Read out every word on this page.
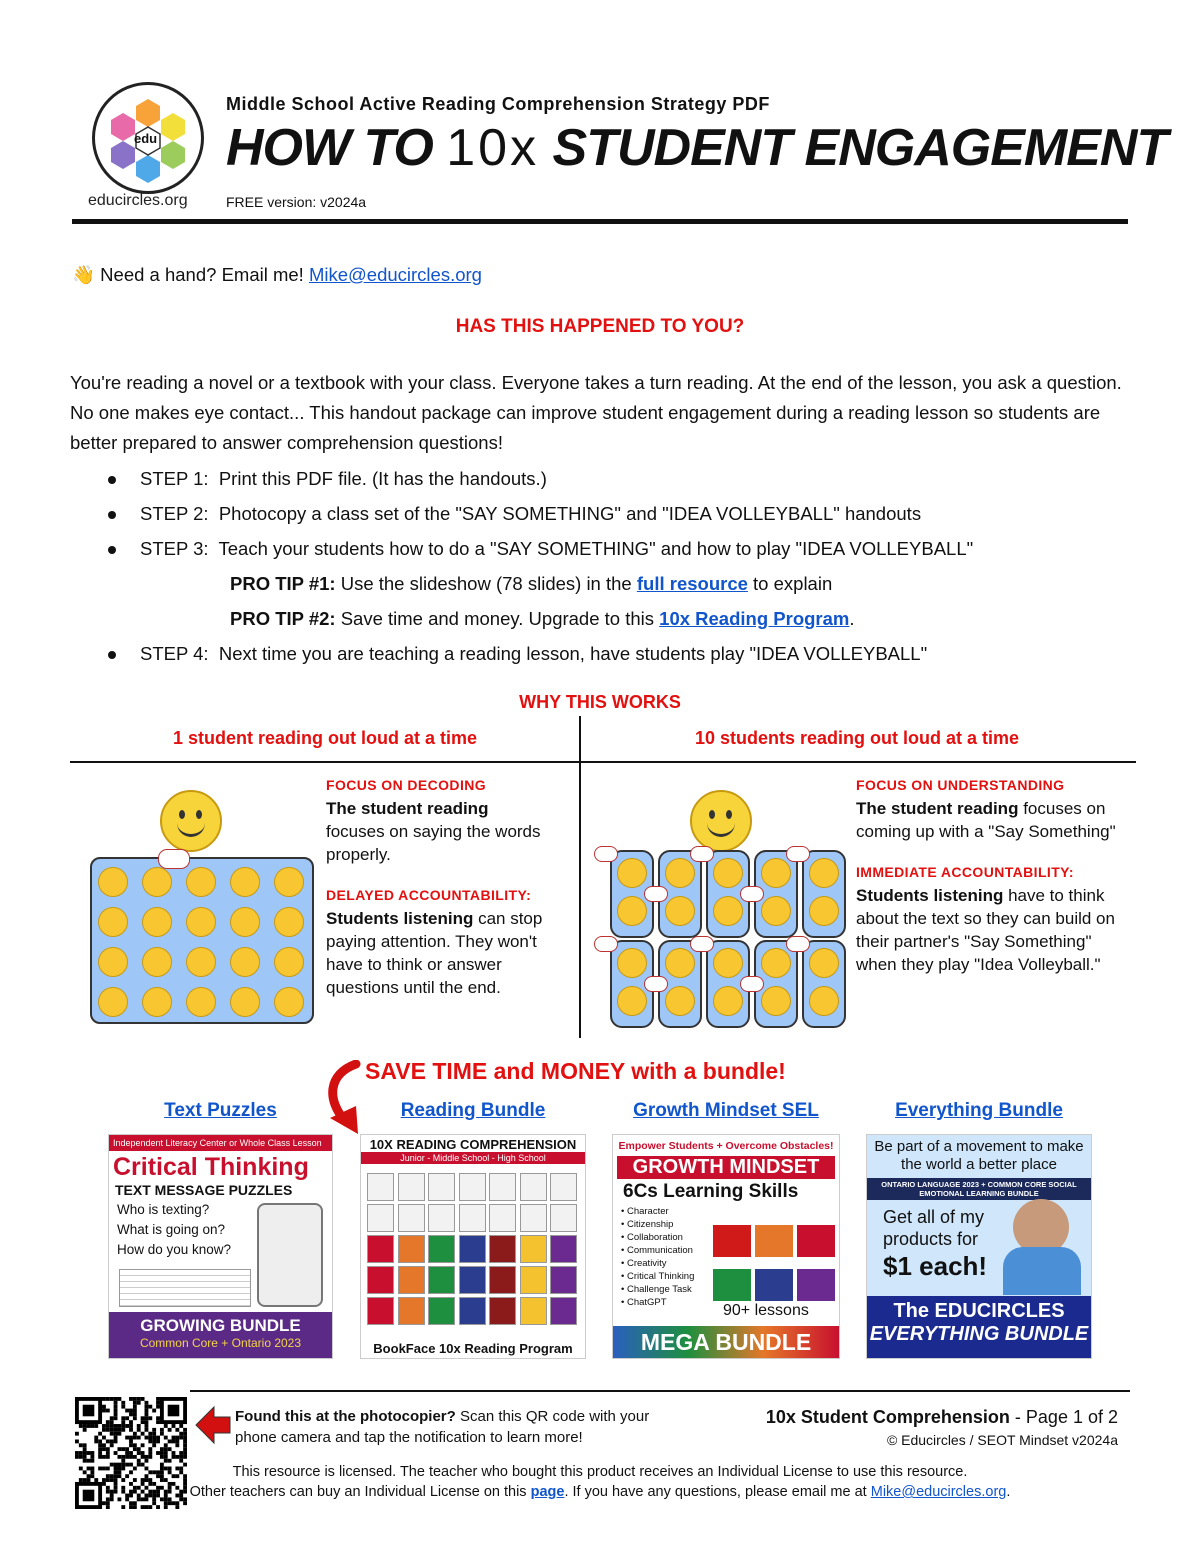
edu
educircles.org
Middle School Active Reading Comprehension Strategy PDF
HOW TO 10x STUDENT ENGAGEMENT
FREE version: v2024a
👋 Need a hand? Email me! Mike@educircles.org
HAS THIS HAPPENED TO YOU?
You're reading a novel or a textbook with your class. Everyone takes a turn reading. At the end of the lesson, you ask a question. No one makes eye contact... This handout package can improve student engagement during a reading lesson so students are better prepared to answer comprehension questions!
STEP 1: Print this PDF file. (It has the handouts.)
STEP 2: Photocopy a class set of the "SAY SOMETHING" and "IDEA VOLLEYBALL" handouts
STEP 3: Teach your students how to do a "SAY SOMETHING" and how to play "IDEA VOLLEYBALL"
PRO TIP #1: Use the slideshow (78 slides) in the full resource to explain
PRO TIP #2: Save time and money. Upgrade to this 10x Reading Program.
STEP 4: Next time you are teaching a reading lesson, have students play "IDEA VOLLEYBALL"
WHY THIS WORKS
1 student reading out loud at a time	10 students reading out loud at a time
FOCUS ON DECODING
The student reading
focuses on saying the words properly.
DELAYED ACCOUNTABILITY:
Students listening can stop paying attention. They won't have to think or answer questions until the end.
FOCUS ON UNDERSTANDING
The student reading focuses on coming up with a "Say Something"
IMMEDIATE ACCOUNTABILITY:
Students listening have to think about the text so they can build on their partner's "Say Something" when they play "Idea Volleyball."
SAVE TIME and MONEY with a bundle!
Text Puzzles	Reading Bundle	Growth Mindset SEL	Everything Bundle
Independent Literacy Center or Whole Class Lesson
Critical Thinking
TEXT MESSAGE PUZZLES
Who is texting?
What is going on?
How do you know?
GROWING BUNDLE
Common Core + Ontario 2023
10X READING COMPREHENSION
Junior - Middle School - High School
BookFace 10x Reading Program
Empower Students + Overcome Obstacles!
GROWTH MINDSET
6Cs Learning Skills
• Character
• Citizenship
• Collaboration
• Communication
• Creativity
• Critical Thinking
• Challenge Task
• ChatGPT	90+ lessons
MEGA BUNDLE
Be part of a movement to make the world a better place
ONTARIO LANGUAGE 2023 + COMMON CORE SOCIAL EMOTIONAL LEARNING BUNDLE
Get all of my
products for
$1 each!
The EDUCIRCLES
EVERYTHING BUNDLE
Found this at the photocopier? Scan this QR code with your phone camera and tap the notification to learn more!
10x Student Comprehension - Page 1 of 2
© Educircles / SEOT Mindset v2024a
This resource is licensed. The teacher who bought this product receives an Individual License to use this resource.
Other teachers can buy an Individual License on this page. If you have any questions, please email me at Mike@educircles.org.
